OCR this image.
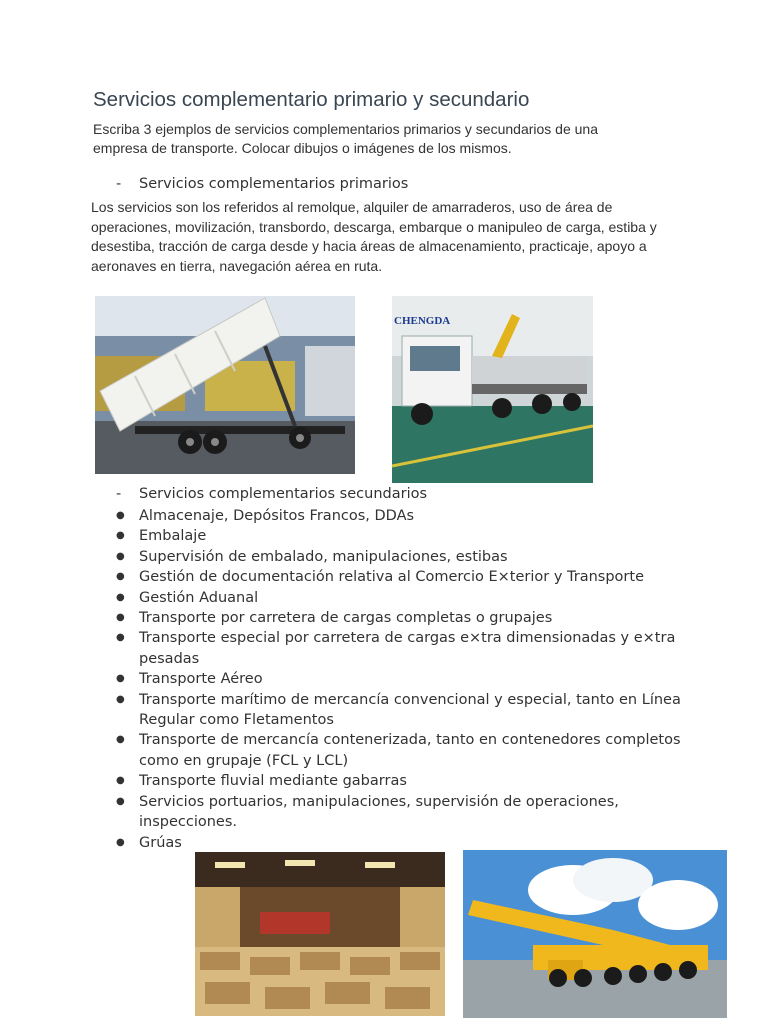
Servicios complementario primario y secundario
Escriba 3 ejemplos de servicios complementarios primarios y secundarios de una empresa de transporte. Colocar dibujos o imágenes de los mismos.
- Servicios complementarios primarios
Los servicios son los referidos al remolque, alquiler de amarraderos, uso de área de operaciones, movilización, transbordo, descarga, embarque o manipuleo de carga, estiba y desestiba, tracción de carga desde y hacia áreas de almacenamiento, practicaje, apoyo a aeronaves en tierra, navegación aérea en ruta.
CHENGDA
- Servicios complementarios secundarios
● Almacenaje, Depósitos Francos, DDAs
● Embalaje
● Supervisión de embalado, manipulaciones, estibas
● Gestión de documentación relativa al Comercio E×terior y Transporte
● Gestión Aduanal
● Transporte por carretera de cargas completas o grupajes
● Transporte especial por carretera de cargas e×tra dimensionadas y e×tra pesadas
● Transporte Aéreo
● Transporte marítimo de mercancía convencional y especial, tanto en Línea Regular como Fletamentos
● Transporte de mercancía contenerizada, tanto en contenedores completos como en grupaje (FCL y LCL)
● Transporte fluvial mediante gabarras
● Servicios portuarios, manipulaciones, supervisión de operaciones, inspecciones.
● Grúas
